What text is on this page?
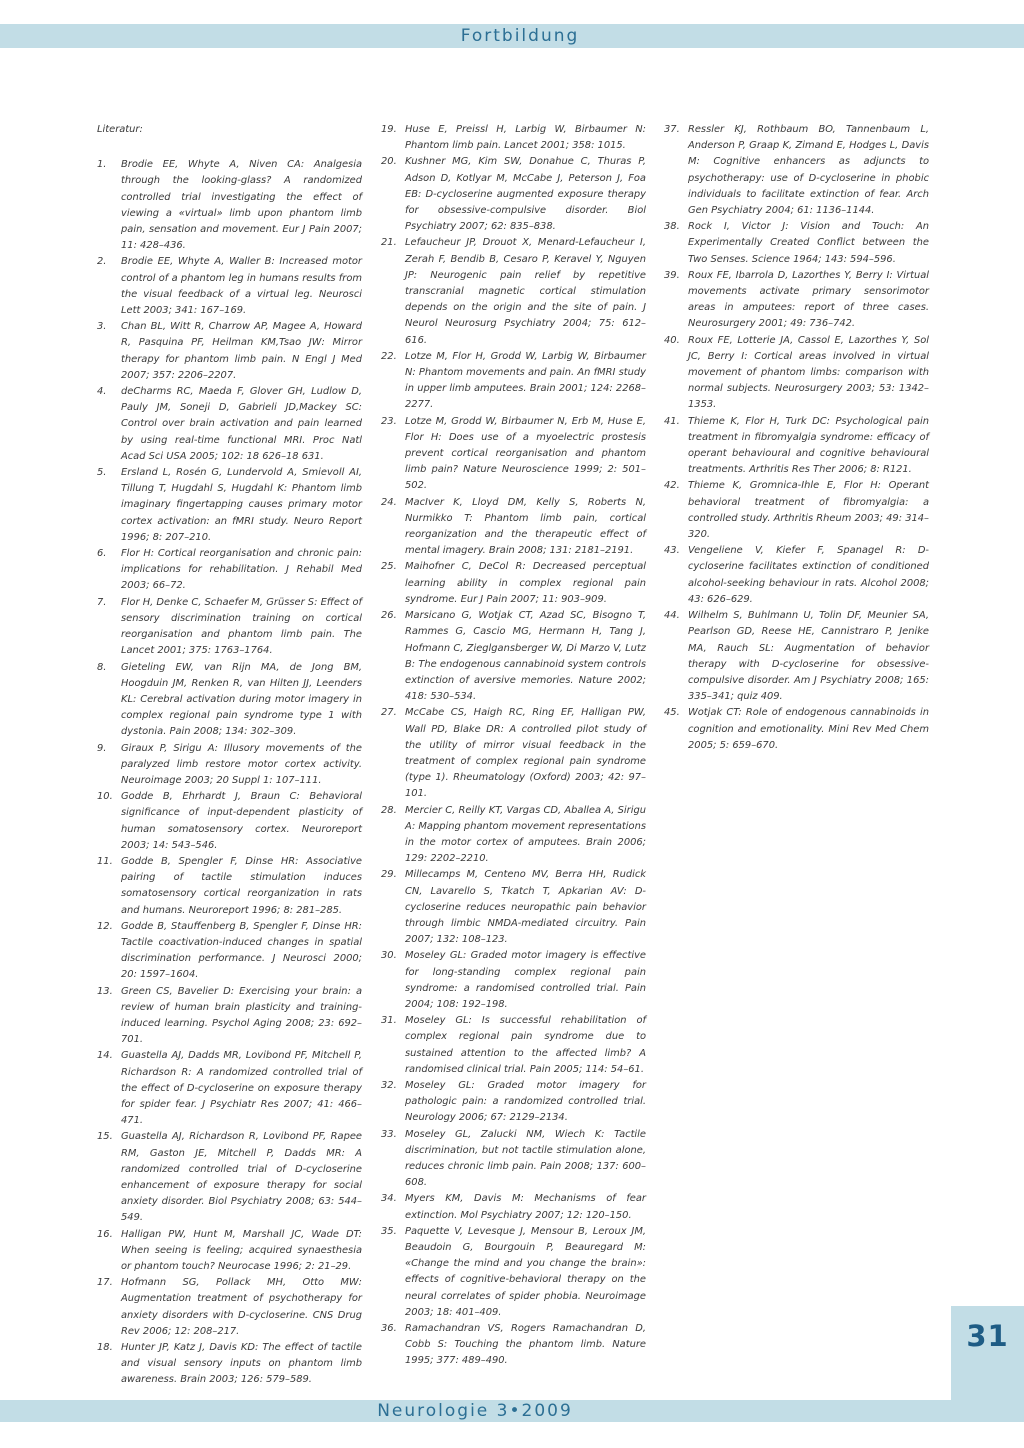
Fortbildung
Literatur:
1. Brodie EE, Whyte A, Niven CA: Analgesia through the looking-glass? A randomized controlled trial investigating the effect of viewing a «virtual» limb upon phantom limb pain, sensation and movement. Eur J Pain 2007; 11: 428–436.
2. Brodie EE, Whyte A, Waller B: Increased motor control of a phantom leg in humans results from the visual feedback of a virtual leg. Neurosci Lett 2003; 341: 167–169.
3. Chan BL, Witt R, Charrow AP, Magee A, Howard R, Pasquina PF, Heilman KM,Tsao JW: Mirror therapy for phantom limb pain. N Engl J Med 2007; 357: 2206–2207.
4. deCharms RC, Maeda F, Glover GH, Ludlow D, Pauly JM, Soneji D, Gabrieli JD,Mackey SC: Control over brain activation and pain learned by using real-time functional MRI. Proc Natl Acad Sci USA 2005; 102: 18 626–18 631.
5. Ersland L, Rosén G, Lundervold A, Smievoll AI, Tillung T, Hugdahl S, Hugdahl K: Phantom limb imaginary fingertapping causes primary motor cortex activation: an fMRI study. Neuro Report 1996; 8: 207–210.
6. Flor H: Cortical reorganisation and chronic pain: implications for rehabilitation. J Rehabil Med 2003; 66–72.
7. Flor H, Denke C, Schaefer M, Grüsser S: Effect of sensory discrimination training on cortical reorganisation and phantom limb pain. The Lancet 2001; 375: 1763–1764.
8. Gieteling EW, van Rijn MA, de Jong BM, Hoogduin JM, Renken R, van Hilten JJ, Leenders KL: Cerebral activation during motor imagery in complex regional pain syndrome type 1 with dystonia. Pain 2008; 134: 302–309.
9. Giraux P, Sirigu A: Illusory movements of the paralyzed limb restore motor cortex activity. Neuroimage 2003; 20 Suppl 1: 107–111.
10. Godde B, Ehrhardt J, Braun C: Behavioral significance of input-dependent plasticity of human somatosensory cortex. Neuroreport 2003; 14: 543–546.
11. Godde B, Spengler F, Dinse HR: Associative pairing of tactile stimulation induces somatosensory cortical reorganization in rats and humans. Neuroreport 1996; 8: 281–285.
12. Godde B, Stauffenberg B, Spengler F, Dinse HR: Tactile coactivation-induced changes in spatial discrimination performance. J Neurosci 2000; 20: 1597–1604.
13. Green CS, Bavelier D: Exercising your brain: a review of human brain plasticity and training-induced learning. Psychol Aging 2008; 23: 692–701.
14. Guastella AJ, Dadds MR, Lovibond PF, Mitchell P, Richardson R: A randomized controlled trial of the effect of D-cycloserine on exposure therapy for spider fear. J Psychiatr Res 2007; 41: 466–471.
15. Guastella AJ, Richardson R, Lovibond PF, Rapee RM, Gaston JE, Mitchell P, Dadds MR: A randomized controlled trial of D-cycloserine enhancement of exposure therapy for social anxiety disorder. Biol Psychiatry 2008; 63: 544–549.
16. Halligan PW, Hunt M, Marshall JC, Wade DT: When seeing is feeling; acquired synaesthesia or phantom touch? Neurocase 1996; 2: 21–29.
17. Hofmann SG, Pollack MH, Otto MW: Augmentation treatment of psychotherapy for anxiety disorders with D-cycloserine. CNS Drug Rev 2006; 12: 208–217.
18. Hunter JP, Katz J, Davis KD: The effect of tactile and visual sensory inputs on phantom limb awareness. Brain 2003; 126: 579–589.
19. Huse E, Preissl H, Larbig W, Birbaumer N: Phantom limb pain. Lancet 2001; 358: 1015.
20. Kushner MG, Kim SW, Donahue C, Thuras P, Adson D, Kotlyar M, McCabe J, Peterson J, Foa EB: D-cycloserine augmented exposure therapy for obsessive-compulsive disorder. Biol Psychiatry 2007; 62: 835–838.
21. Lefaucheur JP, Drouot X, Menard-Lefaucheur I, Zerah F, Bendib B, Cesaro P, Keravel Y, Nguyen JP: Neurogenic pain relief by repetitive transcranial magnetic cortical stimulation depends on the origin and the site of pain. J Neurol Neurosurg Psychiatry 2004; 75: 612–616.
22. Lotze M, Flor H, Grodd W, Larbig W, Birbaumer N: Phantom movements and pain. An fMRI study in upper limb amputees. Brain 2001; 124: 2268–2277.
23. Lotze M, Grodd W, Birbaumer N, Erb M, Huse E, Flor H: Does use of a myoelectric prostesis prevent cortical reorganisation and phantom limb pain? Nature Neuroscience 1999; 2: 501–502.
24. MacIver K, Lloyd DM, Kelly S, Roberts N, Nurmikko T: Phantom limb pain, cortical reorganization and the therapeutic effect of mental imagery. Brain 2008; 131: 2181–2191.
25. Maihofner C, DeCol R: Decreased perceptual learning ability in complex regional pain syndrome. Eur J Pain 2007; 11: 903–909.
26. Marsicano G, Wotjak CT, Azad SC, Bisogno T, Rammes G, Cascio MG, Hermann H, Tang J, Hofmann C, Zieglgansberger W, Di Marzo V, Lutz B: The endogenous cannabinoid system controls extinction of aversive memories. Nature 2002; 418: 530–534.
27. McCabe CS, Haigh RC, Ring EF, Halligan PW, Wall PD, Blake DR: A controlled pilot study of the utility of mirror visual feedback in the treatment of complex regional pain syndrome (type 1). Rheumatology (Oxford) 2003; 42: 97–101.
28. Mercier C, Reilly KT, Vargas CD, Aballea A, Sirigu A: Mapping phantom movement representations in the motor cortex of amputees. Brain 2006; 129: 2202–2210.
29. Millecamps M, Centeno MV, Berra HH, Rudick CN, Lavarello S, Tkatch T, Apkarian AV: D-cycloserine reduces neuropathic pain behavior through limbic NMDA-mediated circuitry. Pain 2007; 132: 108–123.
30. Moseley GL: Graded motor imagery is effective for long-standing complex regional pain syndrome: a randomised controlled trial. Pain 2004; 108: 192–198.
31. Moseley GL: Is successful rehabilitation of complex regional pain syndrome due to sustained attention to the affected limb? A randomised clinical trial. Pain 2005; 114: 54–61.
32. Moseley GL: Graded motor imagery for pathologic pain: a randomized controlled trial. Neurology 2006; 67: 2129–2134.
33. Moseley GL, Zalucki NM, Wiech K: Tactile discrimination, but not tactile stimulation alone, reduces chronic limb pain. Pain 2008; 137: 600–608.
34. Myers KM, Davis M: Mechanisms of fear extinction. Mol Psychiatry 2007; 12: 120–150.
35. Paquette V, Levesque J, Mensour B, Leroux JM, Beaudoin G, Bourgouin P, Beauregard M: «Change the mind and you change the brain»: effects of cognitive-behavioral therapy on the neural correlates of spider phobia. Neuroimage 2003; 18: 401–409.
36. Ramachandran VS, Rogers Ramachandran D, Cobb S: Touching the phantom limb. Nature 1995; 377: 489–490.
37. Ressler KJ, Rothbaum BO, Tannenbaum L, Anderson P, Graap K, Zimand E, Hodges L, Davis M: Cognitive enhancers as adjuncts to psychotherapy: use of D-cycloserine in phobic individuals to facilitate extinction of fear. Arch Gen Psychiatry 2004; 61: 1136–1144.
38. Rock I, Victor J: Vision and Touch: An Experimentally Created Conflict between the Two Senses. Science 1964; 143: 594–596.
39. Roux FE, Ibarrola D, Lazorthes Y, Berry I: Virtual movements activate primary sensorimotor areas in amputees: report of three cases. Neurosurgery 2001; 49: 736–742.
40. Roux FE, Lotterie JA, Cassol E, Lazorthes Y, Sol JC, Berry I: Cortical areas involved in virtual movement of phantom limbs: comparison with normal subjects. Neurosurgery 2003; 53: 1342–1353.
41. Thieme K, Flor H, Turk DC: Psychological pain treatment in fibromyalgia syndrome: efficacy of operant behavioural and cognitive behavioural treatments. Arthritis Res Ther 2006; 8: R121.
42. Thieme K, Gromnica-Ihle E, Flor H: Operant behavioral treatment of fibromyalgia: a controlled study. Arthritis Rheum 2003; 49: 314–320.
43. Vengeliene V, Kiefer F, Spanagel R: D-cycloserine facilitates extinction of conditioned alcohol-seeking behaviour in rats. Alcohol 2008; 43: 626–629.
44. Wilhelm S, Buhlmann U, Tolin DF, Meunier SA, Pearlson GD, Reese HE, Cannistraro P, Jenike MA, Rauch SL: Augmentation of behavior therapy with D-cycloserine for obsessive-compulsive disorder. Am J Psychiatry 2008; 165: 335–341; quiz 409.
45. Wotjak CT: Role of endogenous cannabinoids in cognition and emotionality. Mini Rev Med Chem 2005; 5: 659–670.
31
Neurologie 3•2009
